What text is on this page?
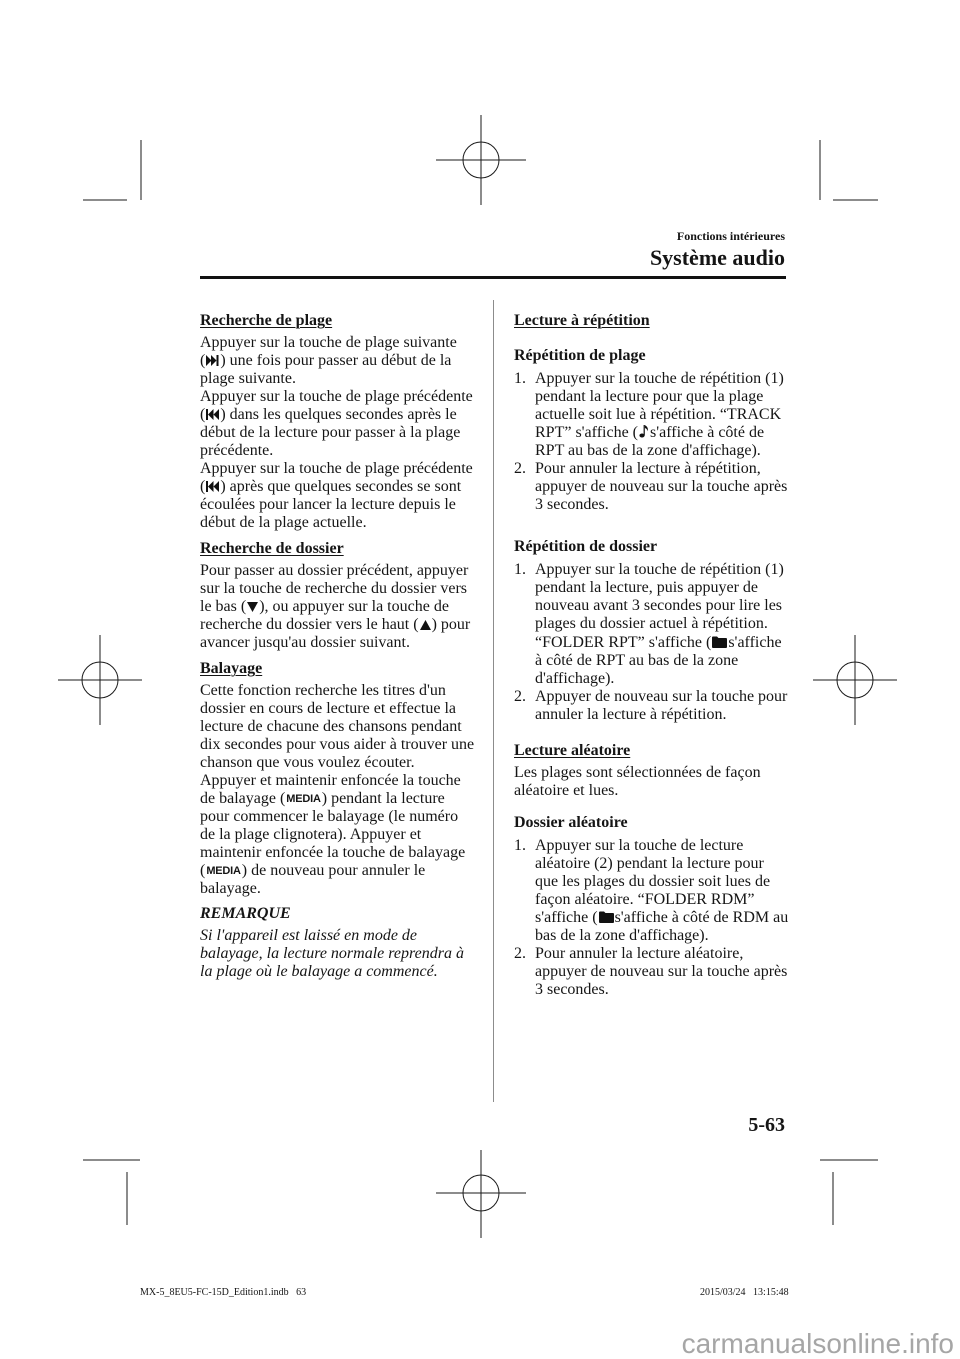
Fonctions intérieures
Système audio
Recherche de plage
Appuyer sur la touche de plage suivante
( ) une fois pour passer au début de la
plage suivante.
Appuyer sur la touche de plage précédente
( ) dans les quelques secondes après le
début de la lecture pour passer à la plage
précédente.
Appuyer sur la touche de plage précédente
( ) après que quelques secondes se sont
écoulées pour lancer la lecture depuis le
début de la plage actuelle.
Recherche de dossier
Pour passer au dossier précédent, appuyer
sur la touche de recherche du dossier vers
le bas ( ), ou appuyer sur la touche de
recherche du dossier vers le haut ( ) pour
avancer jusqu'au dossier suivant.
Balayage
Cette fonction recherche les titres d'un
dossier en cours de lecture et effectue la
lecture de chacune des chansons pendant
dix secondes pour vous aider à trouver une
chanson que vous voulez écouter.
Appuyer et maintenir enfoncée la touche
de balayage (MEDIA) pendant la lecture
pour commencer le balayage (le numéro
de la plage clignotera). Appuyer et
maintenir enfoncée la touche de balayage
(MEDIA) de nouveau pour annuler le
balayage.
REMARQUE
Si l'appareil est laissé en mode de
balayage, la lecture normale reprendra à
la plage où le balayage a commencé.
Lecture à répétition
Répétition de plage
1. Appuyer sur la touche de répétition (1)
pendant la lecture pour que la plage
actuelle soit lue à répétition. “TRACK
RPT” s'affiche ( s'affiche à côté de
RPT au bas de la zone d'affichage).
2. Pour annuler la lecture à répétition,
appuyer de nouveau sur la touche après
3 secondes.
Répétition de dossier
1. Appuyer sur la touche de répétition (1)
pendant la lecture, puis appuyer de
nouveau avant 3 secondes pour lire les
plages du dossier actuel à répétition.
“FOLDER RPT” s'affiche ( s'affiche
à côté de RPT au bas de la zone
d'affichage).
2. Appuyer de nouveau sur la touche pour
annuler la lecture à répétition.
Lecture aléatoire
Les plages sont sélectionnées de façon
aléatoire et lues.
Dossier aléatoire
1. Appuyer sur la touche de lecture
aléatoire (2) pendant la lecture pour
que les plages du dossier soit lues de
façon aléatoire. “FOLDER RDM”
s'affiche ( s'affiche à côté de RDM au
bas de la zone d'affichage).
2. Pour annuler la lecture aléatoire,
appuyer de nouveau sur la touche après
3 secondes.
5-63
MX-5_8EU5-FC-15D_Edition1.indb   63	2015/03/24   13:15:48
carmanualsonline.info
